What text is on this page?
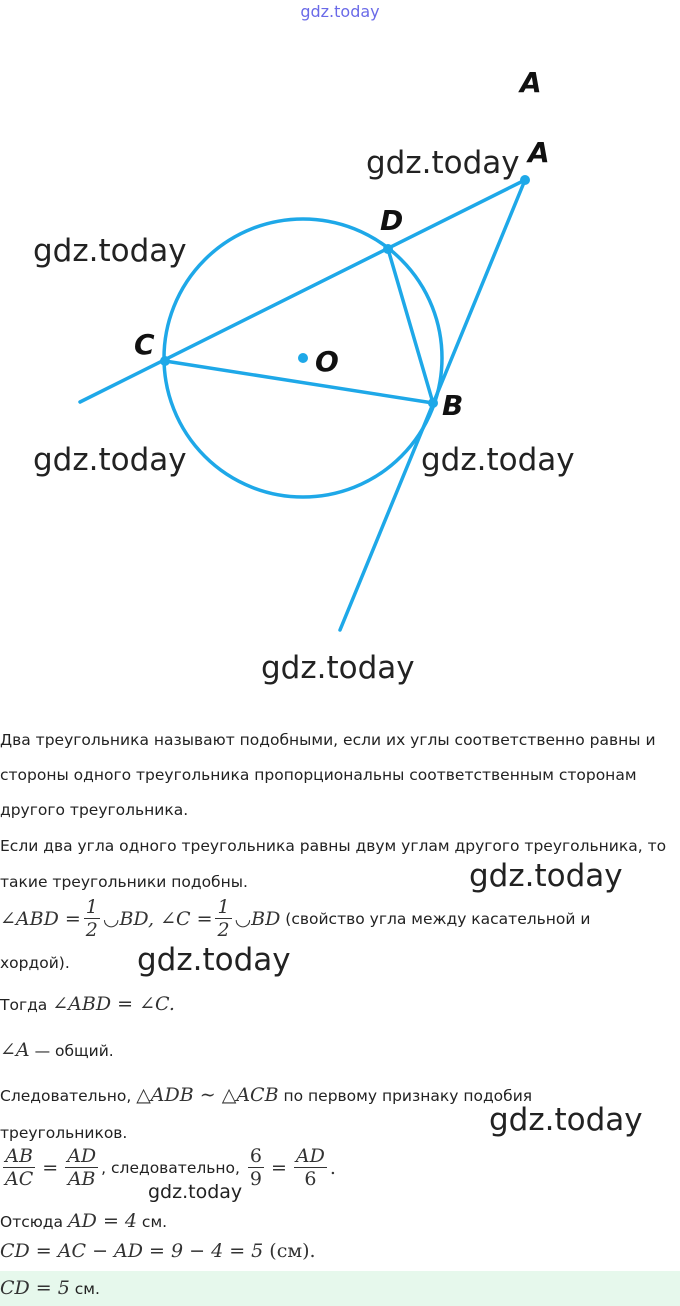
gdz.today
A
A
D
C
O
B
gdz.today
gdz.today
gdz.today	gdz.today
gdz.today
Два треугольника называют подобными, если их углы соответственно равны и
стороны одного треугольника пропорциональны соответственным сторонам
другого треугольника.
Если два угла одного треугольника равны двум углам другого треугольника, то
такие треугольники подобны.	gdz.today
∠ABD = $\frac{1}{2}$ ◡BD, ∠C = $\frac{1}{2}$ ◡BD (свойство угла между касательной и
хордой). gdz.today
Тогда ∠ABD = ∠C.
∠A — общий.
Следовательно, △ADB ∼ △ACB по первому признаку подобия
треугольников.	gdz.today
$\frac{AB}{AC} = \frac{AD}{AB}$ , следовательно, $\frac{6}{9} = \frac{AD}{6}$ .
gdz.today
Отсюда AD = 4 см.
CD = AC − AD = 9 − 4 = 5 (см).
CD = 5 см.
